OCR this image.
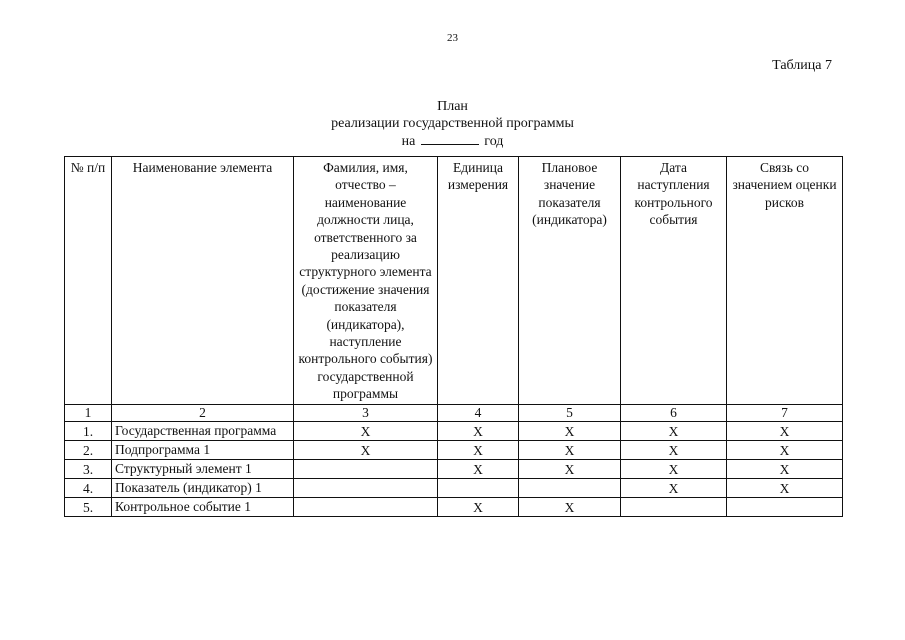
23
Таблица 7
План
реализации государственной программы
на	год
№ п/п	Наименование элемента	Фамилия, имя, отчество – наименование должности лица, ответственного за реализацию структурного элемента (достижение значения показателя (индикатора), наступление контрольного события) государственной программы	Единица измерения	Плановое значение показателя (индикатора)	Дата наступления контрольного события	Связь со значением оценки рисков
1	2	3	4	5	6	7
1.	Государственная программа	Х	Х	Х	Х	Х
2.	Подпрограмма 1	Х	Х	Х	Х	Х
3.	Структурный элемент 1		Х	Х	Х	Х
4.	Показатель (индикатор) 1				Х	Х
5.	Контрольное событие 1		Х	Х		
